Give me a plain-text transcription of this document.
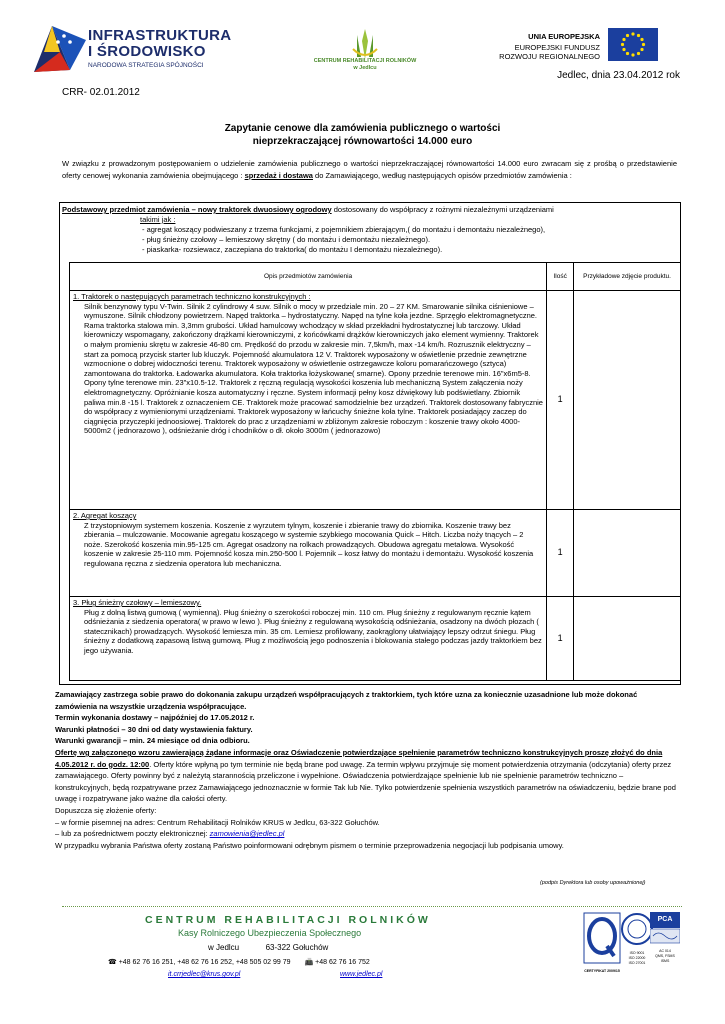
INFRASTRUKTURA
I ŚRODOWISKO
NARODOWA STRATEGIA SPÓJNOŚCI
CENTRUM REHABILITACJI ROLNIKÓW
w Jedlcu
UNIA EUROPEJSKA
EUROPEJSKI FUNDUSZ
ROZWOJU REGIONALNEGO
Jedlec, dnia 23.04.2012 rok
CRR- 02.01.2012
Zapytanie cenowe dla zamówienia publicznego o wartości
nieprzekraczającej równowartości 14.000 euro
W związku z prowadzonym postępowaniem o udzielenie zamówienia publicznego o wartości nieprzekraczającej równowartości 14.000 euro zwracam się z prośbą o przedstawienie oferty cenowej wykonania zamówienia obejmującego : sprzedaż i dostawa do Zamawiającego, według następujących opisów przedmiotów zamówienia :
Podstawowy przedmiot zamówienia – nowy traktorek dwuosiowy ogrodowy dostosowany do współpracy z rożnymi niezależnymi urządzeniami
takimi jak :
- agregat koszący podwieszany z trzema funkcjami, z pojemnikiem zbierającym,( do montażu i demontażu niezależnego),
- pług śnieżny czołowy – lemieszowy skrętny ( do montażu i demontażu niezależnego).
- piaskarka- rozsiewacz, zaczepiana do traktorka( do montażu I demontażu niezależnego).
Opis przedmiotów zamówienia	Ilość	Przykładowe zdjęcie produktu.

1. Traktorek o następujących parametrach techniczno konstrukcyjnych :
Silnik benzynowy typu V-Twin. Silnik 2 cylindrowy 4 suw. Silnik o mocy w przedziale min. 20 – 27 KM. Smarowanie silnika ciśnieniowe – wymuszone. Silnik chłodzony powietrzem. Napęd traktorka – hydrostatyczny. Napęd na tylne koła jezdne. Sprzęgło elektromagnetyczne. Rama traktorka stalowa min. 3,3mm grubości. Układ hamulcowy wchodzący w skład przekładni hydrostatycznej lub tarczowy. Układ kierowniczy wspomagany, zakończony drążkami kierowniczymi, z końcówkami drążków kierowniczych jako element wymienny. Traktorek o małym promieniu skrętu w zakresie 46-80 cm. Prędkość do przodu w zakresie min. 7,5km/h, max -14 km/h. Rozrusznik elektryczny – start za pomocą przycisk starter lub kluczyk. Pojemność akumulatora 12 V. Traktorek wyposażony w oświetlenie przednie zewnętrzne wzmocnione o dobrej widoczności terenu. Traktorek wyposażony w oświetlenie ostrzegawcze koloru pomarańczowego (sztyca) zamontowana do traktorka. Ładowarka akumulatora. Koła traktorka łożyskowane( smarne). Opony przednie terenowe min. 16"x6m5-8. Opony tylne terenowe min. 23"x10.5-12. Traktorek z ręczną regulacją wysokości koszenia lub mechaniczną System załączenia noży elektromagnetyczny. Opróżnianie kosza automatyczny i ręczne. System informacji pełny kosz dźwiękowy lub podświetlany. Zbiornik paliwa min.8 -15 l. Traktorek z oznaczeniem CE. Traktorek może pracować samodzielnie bez urządzeń. Traktorek dostosowany fabrycznie do współpracy z wymienionymi urządzeniami. Traktorek wyposażony w łańcuchy śnieżne koła tylne. Traktorek posiadający zaczep do ciągnięcia przyczepki jednoosiowej. Traktorek do prac z urządzeniami w zbliżonym zakresie roboczym : koszenie trawy około 4000-5000m2 ( jednorazowo ), odśnieżanie dróg i chodników o dł. około 3000m ( jednorazowo)	1	

2. Agregat koszący
Z trzystopniowym systemem koszenia. Koszenie z wyrzutem tylnym, koszenie i zbieranie trawy do zbiornika. Koszenie trawy bez zbierania – mulczowanie. Mocowanie agregatu koszącego w systemie szybkiego mocowania Quick – Hitch. Liczba noży tnących – 2 noże. Szerokość koszenia min.95-125 cm. Agregat osadzony na rolkach prowadzących. Obudowa agregatu metalowa. Wysokość koszenie w zakresie 25-110 mm. Pojemność kosza min.250-500 l. Pojemnik – kosz łatwy do montażu i demontażu. Wysokość koszenia regulowana ręczna z siedzenia operatora lub mechaniczna.	1	

3. Pług śnieżny czołowy – lemieszowy.
Pług z dolną listwą gumową ( wymienną). Pług śnieżny o szerokości roboczej min. 110 cm. Pług śnieżny z regulowanym ręcznie kątem odśnieżania z siedzenia operatora( w prawo w lewo ). Pług śnieżny z regulowaną wysokością odśnieżania, osadzony na dwóch płozach ( statecznikach) prowadzących. Wysokość lemiesza min. 35 cm. Lemiesz profilowany, zaokrąglony ułatwiający lepszy odrzut śniegu. Pług śnieżny z dodatkową zapasową listwą gumową. Pług z możliwością jego podnoszenia i blokowania stałego podczas jazdy traktorkiem bez jego używania.	1	
Zamawiający zastrzega sobie prawo do dokonania zakupu urządzeń współpracujących z traktorkiem, tych które uzna za koniecznie uzasadnione lub może dokonać zamówienia na wszystkie urządzenia współpracujące.
Termin wykonania dostawy – najpóźniej do 17.05.2012 r.
Warunki płatności – 30 dni od daty wystawienia faktury.
Warunki gwarancji – min. 24 miesiące od dnia odbioru.
Ofertę wg załączonego wzoru zawierającą żądane informacje oraz Oświadczenie potwierdzające spełnienie parametrów techniczno konstrukcyjnych proszę złożyć do dnia 4.05.2012 r. do godz. 12:00. Oferty które wpłyną po tym terminie nie będą brane pod uwagę. Za termin wpływu przyjmuje się moment potwierdzenia otrzymania (odczytania) oferty przez zamawiającego. Oferty powinny być z należytą starannością przeliczone i wypełnione. Oświadczenia potwierdzające spełnienie lub nie spełnienie parametrów techniczno – konstrukcyjnych, będą rozpatrywane przez Zamawiającego jednoznacznie w formie Tak lub Nie. Tylko potwierdzenie spełnienia wszystkich parametrów na oświadczeniu, będzie brane pod uwagę i rozpatrywane jako ważne dla całości oferty.
Dopuszcza się złożenie oferty:
– w formie pisemnej na adres: Centrum Rehabilitacji Rolników KRUS w Jedlcu, 63-322 Gołuchów.
– lub za pośrednictwem poczty elektronicznej: zamowienia@jedlec.pl
W przypadku wybrania Państwa oferty zostaną Państwo poinformowani odrębnym pismem o terminie przeprowadzenia negocjacji lub podpisania umowy.
(podpis Dyrektora lub osoby upoważnionej)
CENTRUM REHABILITACJI ROLNIKÓW
Kasy Rolniczego Ubezpieczenia Społecznego
w Jedlcu	63-322 Gołuchów
☎ +48 62 76 16 251, +48 62 76 16 252, +48 505 02 99 79 📠 +48 62 76 16 752
it.crrjedlec@krus.gov.pl	www.jedlec.pl	CERTYFIKAT 2009/15
ISO 9001
ISO 22000
ISO 27001
PCA
AC 014
QMS, FSMS
ISMS
